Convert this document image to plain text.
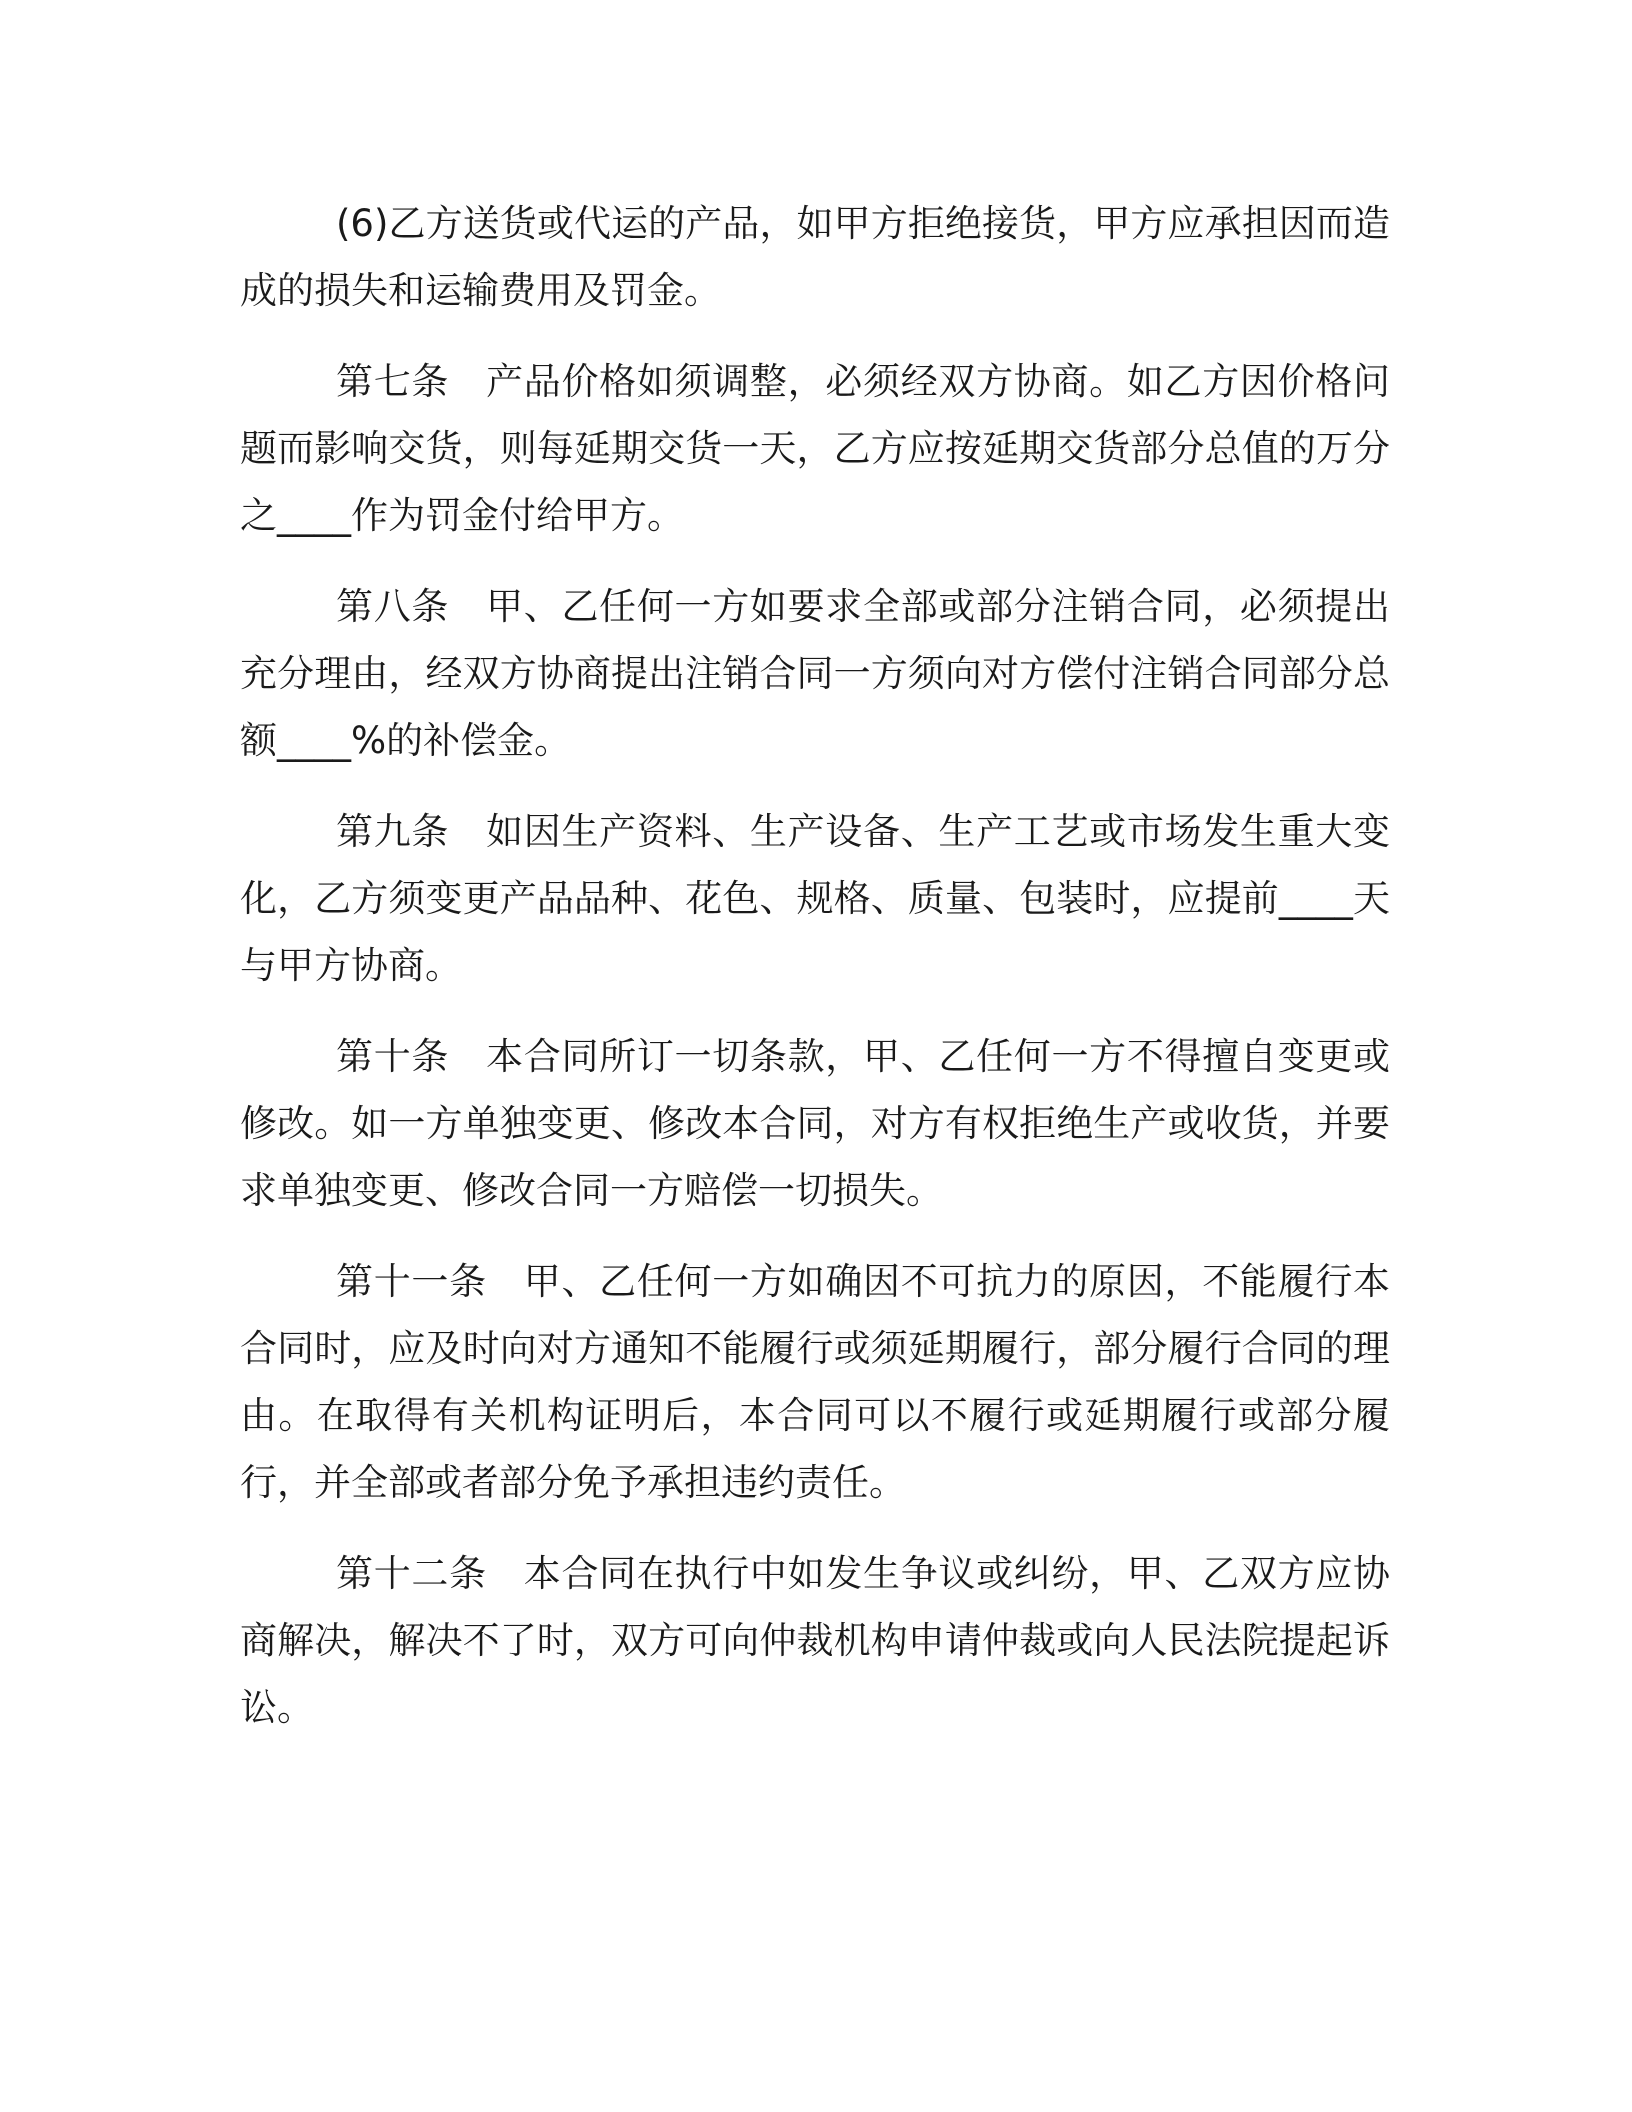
(6)乙方送货或代运的产品，如甲方拒绝接货，甲方应承担因而造成的损失和运输费用及罚金。

第七条 产品价格如须调整，必须经双方协商。如乙方因价格问题而影响交货，则每延期交货一天，乙方应按延期交货部分总值的万分之____作为罚金付给甲方。

第八条 甲、乙任何一方如要求全部或部分注销合同，必须提出充分理由，经双方协商提出注销合同一方须向对方偿付注销合同部分总额____%的补偿金。

第九条 如因生产资料、生产设备、生产工艺或市场发生重大变化，乙方须变更产品品种、花色、规格、质量、包装时，应提前____天与甲方协商。

第十条 本合同所订一切条款，甲、乙任何一方不得擅自变更或修改。如一方单独变更、修改本合同，对方有权拒绝生产或收货，并要求单独变更、修改合同一方赔偿一切损失。

第十一条 甲、乙任何一方如确因不可抗力的原因，不能履行本合同时，应及时向对方通知不能履行或须延期履行，部分履行合同的理由。在取得有关机构证明后，本合同可以不履行或延期履行或部分履行，并全部或者部分免予承担违约责任。

第十二条 本合同在执行中如发生争议或纠纷，甲、乙双方应协商解决，解决不了时，双方可向仲裁机构申请仲裁或向人民法院提起诉讼。
